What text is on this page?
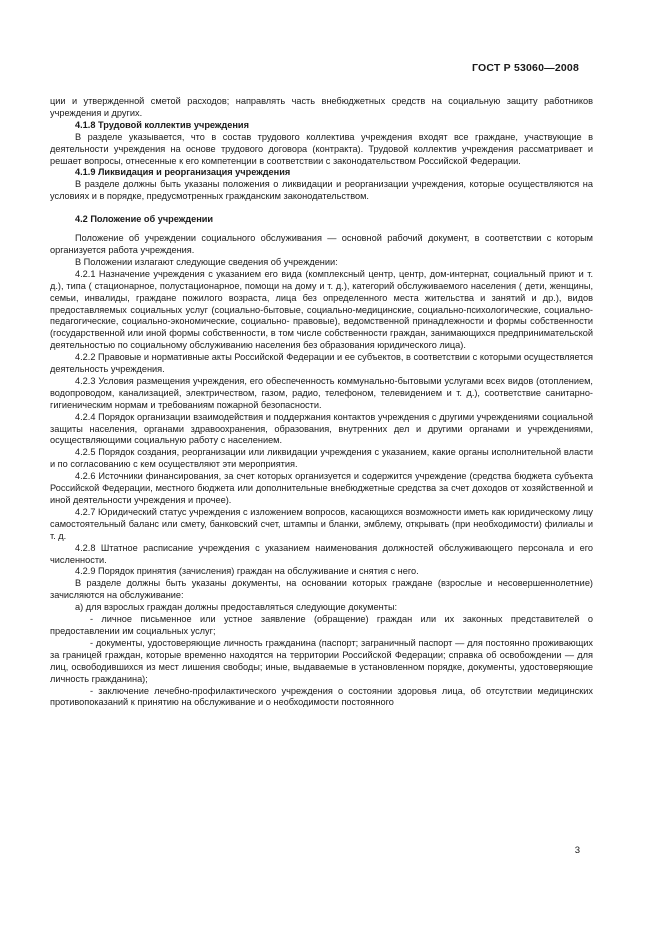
ГОСТ Р 53060—2008

ции и утвержденной сметой расходов; направлять часть внебюджетных средств на социальную защиту работников учреждения и других.

4.1.8 Трудовой коллектив учреждения

В разделе указывается, что в состав трудового коллектива учреждения входят все граждане, участвующие в деятельности учреждения на основе трудового договора (контракта). Трудовой коллектив учреждения рассматривает и решает вопросы, отнесенные к его компетенции в соответствии с законодательством Российской Федерации.

4.1.9 Ликвидация и реорганизация учреждения

В разделе должны быть указаны положения о ликвидации и реорганизации учреждения, которые осуществляются на условиях и в порядке, предусмотренных гражданским законодательством.

4.2 Положение об учреждении

Положение об учреждении социального обслуживания — основной рабочий документ, в соответствии с которым организуется работа учреждения.

В Положении излагают следующие сведения об учреждении:

4.2.1 Назначение учреждения с указанием его вида (комплексный центр, центр, дом-интернат, социальный приют и т. д.), типа ( стационарное, полустационарное, помощи на дому и т. д.), категорий обслуживаемого населения ( дети, женщины, семьи, инвалиды, граждане пожилого возраста, лица без определенного места жительства и занятий и др.), видов предоставляемых социальных услуг (социально-бытовые, социально-медицинские, социально-психологические, социально-педагогические, социально-экономические, социально- правовые), ведомственной принадлежности и формы собственности (государственной или иной формы собственности, в том числе собственности граждан, занимающихся предпринимательской деятельностью по социальному обслуживанию населения без образования юридического лица).

4.2.2 Правовые и нормативные акты Российской Федерации и ее субъектов, в соответствии с которыми осуществляется деятельность учреждения.

4.2.3 Условия размещения учреждения, его обеспеченность коммунально-бытовыми услугами всех видов (отоплением, водопроводом, канализацией, электричеством, газом, радио, телефоном, телевидением и т. д.), соответствие санитарно-гигиеническим нормам и требованиям пожарной безопасности.

4.2.4 Порядок организации взаимодействия и поддержания контактов учреждения с другими учреждениями социальной защиты населения, органами здравоохранения, образования, внутренних дел и другими органами и учреждениями, осуществляющими социальную работу с населением.

4.2.5 Порядок создания, реорганизации или ликвидации учреждения с указанием, какие органы исполнительной власти и по согласованию с кем осуществляют эти мероприятия.

4.2.6 Источники финансирования, за счет которых организуется и содержится учреждение (средства бюджета субъекта Российской Федерации, местного бюджета или дополнительные внебюджетные средства за счет доходов от хозяйственной и иной деятельности учреждения и прочее).

4.2.7 Юридический статус учреждения с изложением вопросов, касающихся возможности иметь как юридическому лицу самостоятельный баланс или смету, банковский счет, штампы и бланки, эмблему, открывать (при необходимости) филиалы и т. д.

4.2.8 Штатное расписание учреждения с указанием наименования должностей обслуживающего персонала и его численности.

4.2.9 Порядок принятия (зачисления) граждан на обслуживание и снятия с него.

В разделе должны быть указаны документы, на основании которых граждане (взрослые и несовершеннолетние) зачисляются на обслуживание:

а) для взрослых граждан должны предоставляться следующие документы:

- личное письменное или устное заявление (обращение) граждан или их законных представителей о предоставлении им социальных услуг;

- документы, удостоверяющие личность гражданина (паспорт; заграничный паспорт — для постоянно проживающих за границей граждан, которые временно находятся на территории Российской Федерации; справка об освобождении — для лиц, освободившихся из мест лишения свободы; иные, выдаваемые в установленном порядке, документы, удостоверяющие личность гражданина);

- заключение лечебно-профилактического учреждения о состоянии здоровья лица, об отсутствии медицинских противопоказаний к принятию на обслуживание и о необходимости постоянного

3
